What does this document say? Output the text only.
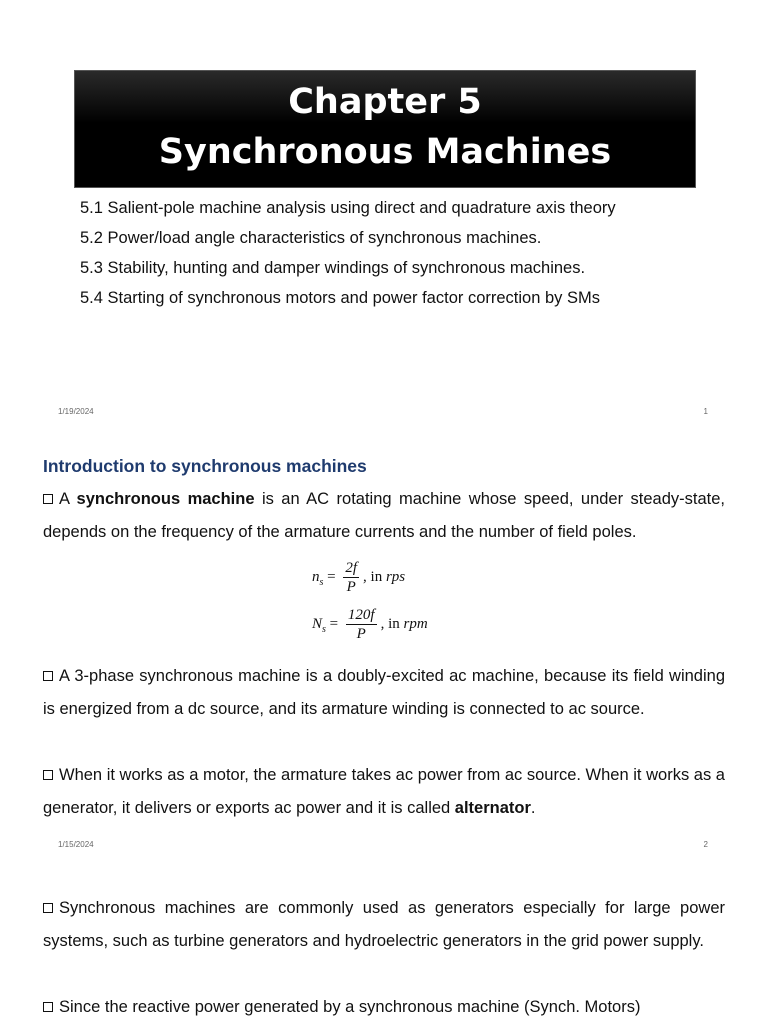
Chapter 5
Synchronous Machines
5.1 Salient-pole machine analysis using direct and quadrature axis theory
5.2 Power/load angle characteristics of synchronous machines.
5.3 Stability, hunting and damper windings of synchronous machines.
5.4 Starting of synchronous motors and power factor correction by SMs
1/19/2024	1
Introduction to synchronous machines
A synchronous machine is an AC rotating machine whose speed, under steady-state, depends on the frequency of the armature currents and the number of field poles.
$n_s = \frac{2f}{P}$ , in rps
$N_s = \frac{120f}{P}$ , in rpm
A 3-phase synchronous machine is a doubly-excited ac machine, because its field winding is energized from a dc source, and its armature winding is connected to ac source.
When it works as a motor, the armature takes ac power from ac source. When it works as a generator, it delivers or exports ac power and it is called alternator.
1/15/2024	2
Synchronous machines are commonly used as generators especially for large power systems, such as turbine generators and hydroelectric generators in the grid power supply.
Since the reactive power generated by a synchronous machine (Synch. Motors)
